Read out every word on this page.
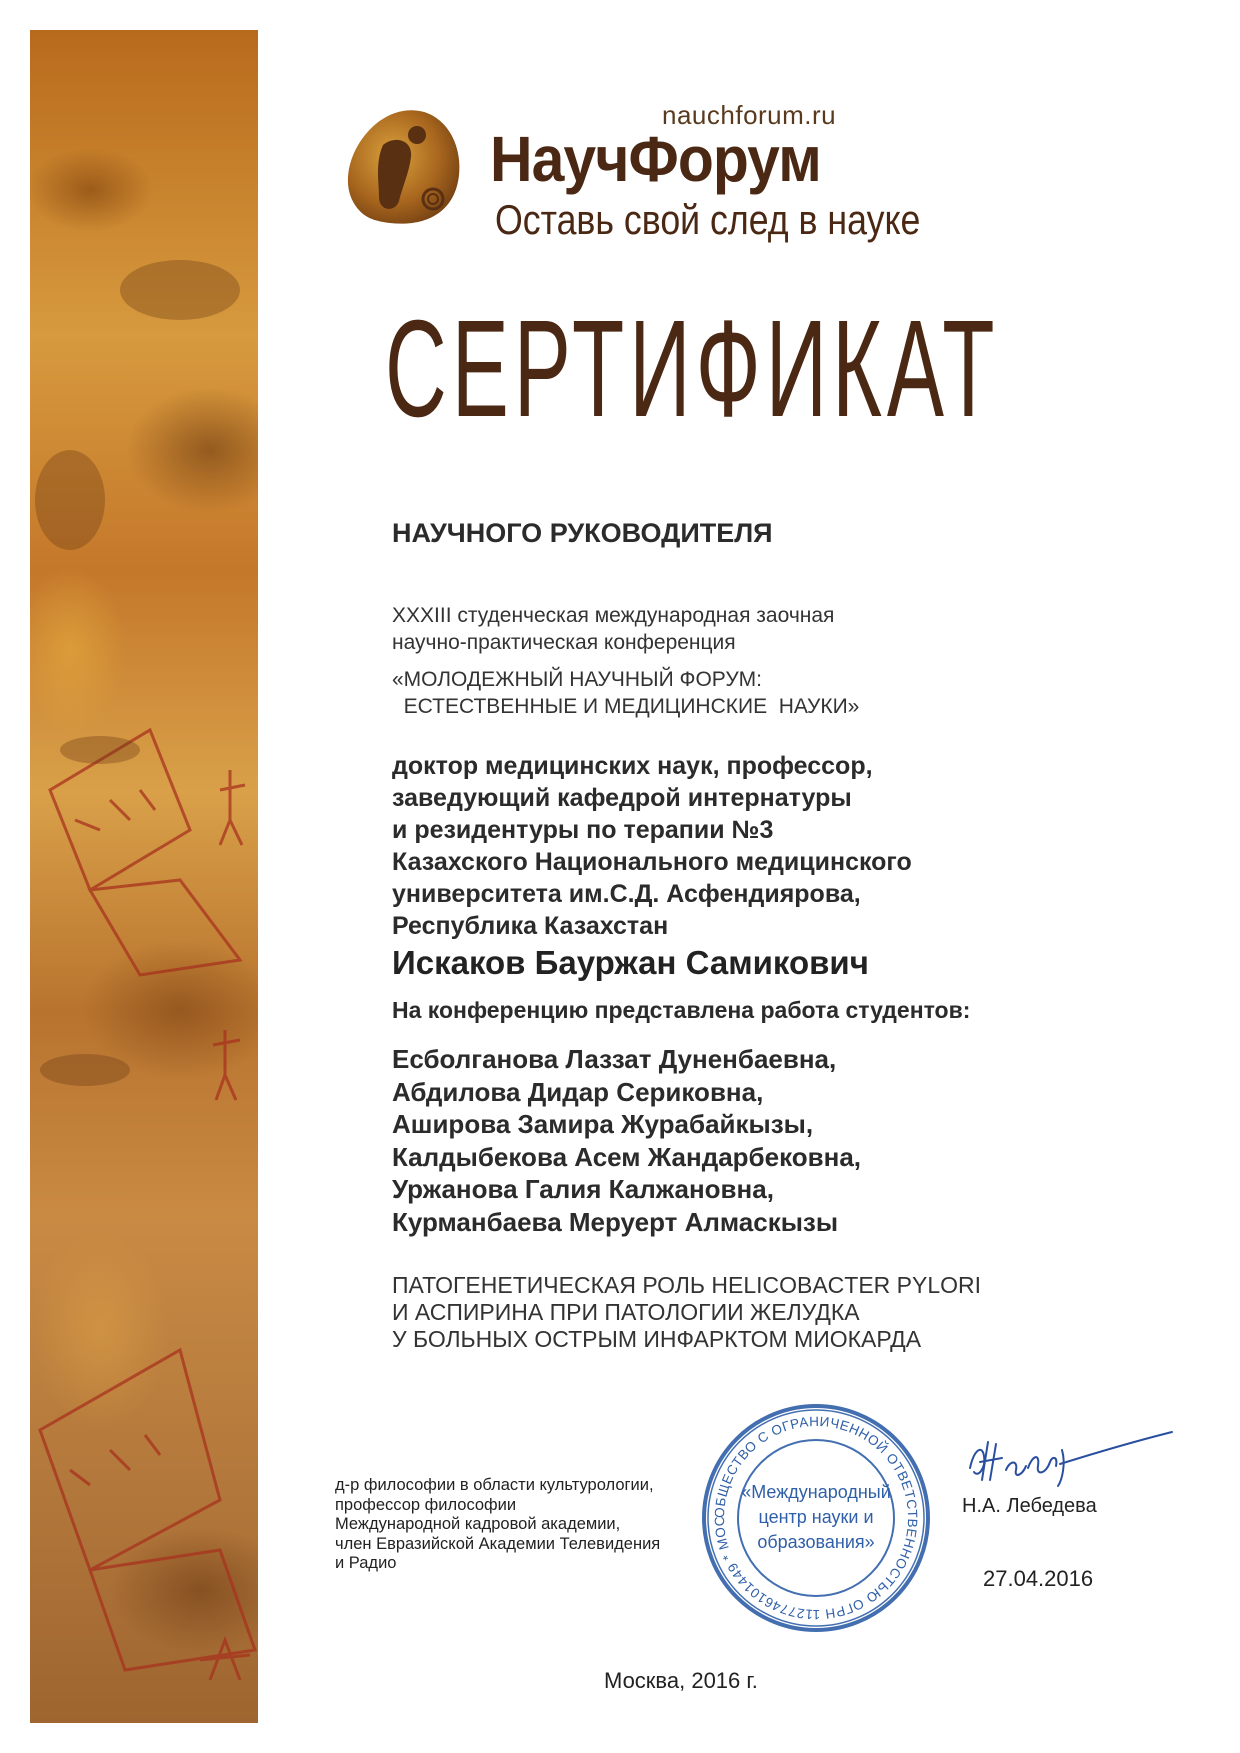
nauchforum.ru
НаучФорум
Оставь свой след в науке
СЕРТИФИКАТ
НАУЧНОГО РУКОВОДИТЕЛЯ
XXXIII студенческая международная заочная
научно-практическая конференция
«МОЛОДЕЖНЫЙ НАУЧНЫЙ ФОРУМ:
ЕСТЕСТВЕННЫЕ И МЕДИЦИНСКИЕ  НАУКИ»
доктор медицинских наук, профессор,
заведующий кафедрой интернатуры
и резидентуры по терапии №3
Казахского Национального медицинского
университета им.С.Д. Асфендиярова,
Республика Казахстан
Искаков Бауржан Самикович
На конференцию представлена работа студентов:
Есболганова Лаззат Дуненбаевна,
Абдилова Дидар Сериковна,
Аширова Замира Журабайкызы,
Калдыбекова Асем Жандарбековна,
Уржанова Галия Калжановна,
Курманбаева Меруерт Алмаскызы
ПАТОГЕНЕТИЧЕСКАЯ РОЛЬ HELICOBACTER PYLORI
И АСПИРИНА ПРИ ПАТОЛОГИИ ЖЕЛУДКА
У БОЛЬНЫХ ОСТРЫМ ИНФАРКТОМ МИОКАРДА
д-р философии в области культурологии,
профессор философии
Международной кадровой академии,
член Евразийской Академии Телевидения
и Радио
ОБЩЕСТВО С ОГРАНИЧЕННОЙ ОТВЕТСТВЕННОСТЬЮ ОГРН 1127746101449 * МОС
«Международный
центр науки и
образования»
Н.А. Лебедева
27.04.2016
Москва, 2016 г.
